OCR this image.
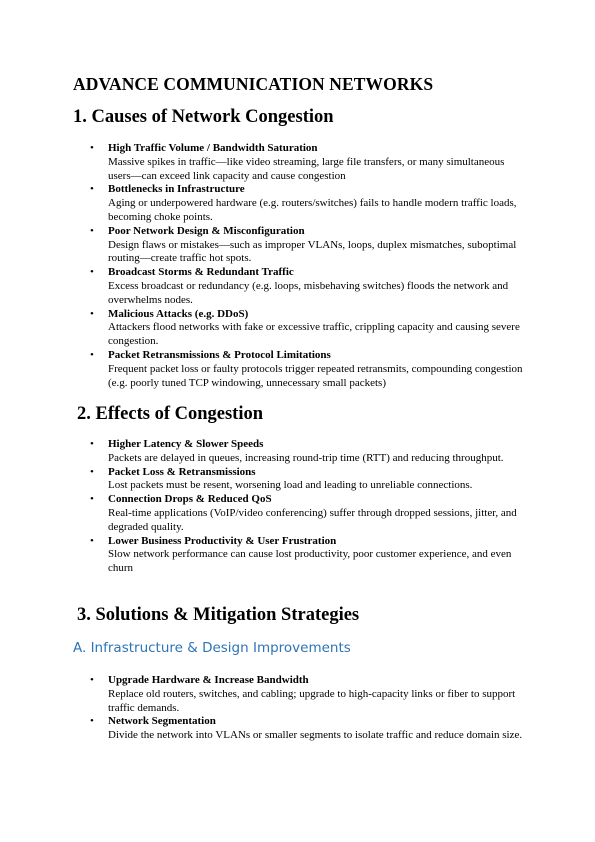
ADVANCE COMMUNICATION NETWORKS
1. Causes of Network Congestion
• High Traffic Volume / Bandwidth Saturation
Massive spikes in traffic—like video streaming, large file transfers, or many simultaneous users—can exceed link capacity and cause congestion
• Bottlenecks in Infrastructure
Aging or underpowered hardware (e.g. routers/switches) fails to handle modern traffic loads, becoming choke points.
• Poor Network Design & Misconfiguration
Design flaws or mistakes—such as improper VLANs, loops, duplex mismatches, suboptimal routing—create traffic hot spots.
• Broadcast Storms & Redundant Traffic
Excess broadcast or redundancy (e.g. loops, misbehaving switches) floods the network and overwhelms nodes.
• Malicious Attacks (e.g. DDoS)
Attackers flood networks with fake or excessive traffic, crippling capacity and causing severe congestion.
• Packet Retransmissions & Protocol Limitations
Frequent packet loss or faulty protocols trigger repeated retransmits, compounding congestion (e.g. poorly tuned TCP windowing, unnecessary small packets)
2. Effects of Congestion
• Higher Latency & Slower Speeds
Packets are delayed in queues, increasing round-trip time (RTT) and reducing throughput.
• Packet Loss & Retransmissions
Lost packets must be resent, worsening load and leading to unreliable connections.
• Connection Drops & Reduced QoS
Real-time applications (VoIP/video conferencing) suffer through dropped sessions, jitter, and degraded quality.
• Lower Business Productivity & User Frustration
Slow network performance can cause lost productivity, poor customer experience, and even churn
3. Solutions & Mitigation Strategies
A. Infrastructure & Design Improvements
• Upgrade Hardware & Increase Bandwidth
Replace old routers, switches, and cabling; upgrade to high-capacity links or fiber to support traffic demands.
• Network Segmentation
Divide the network into VLANs or smaller segments to isolate traffic and reduce domain size.
